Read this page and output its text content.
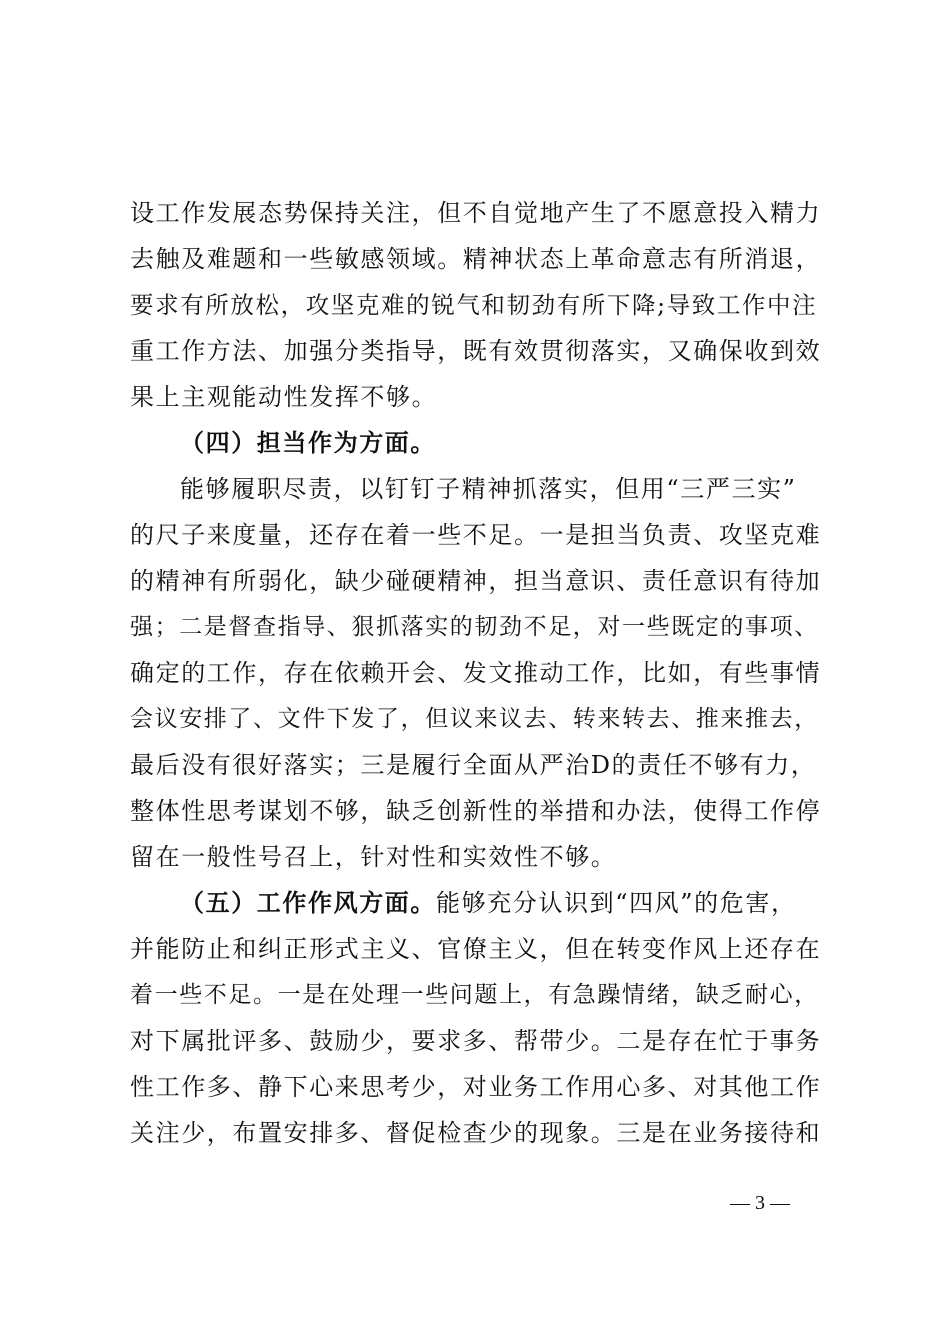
设工作发展态势保持关注，但不自觉地产生了不愿意投入精力
去触及难题和一些敏感领域。精神状态上革命意志有所消退，
要求有所放松，攻坚克难的锐气和韧劲有所下降;导致工作中注
重工作方法、加强分类指导，既有效贯彻落实，又确保收到效
果上主观能动性发挥不够。
（四）担当作为方面。
能够履职尽责，以钉钉子精神抓落实，但用“三严三实”
的尺子来度量，还存在着一些不足。一是担当负责、攻坚克难
的精神有所弱化，缺少碰硬精神，担当意识、责任意识有待加
强；二是督查指导、狠抓落实的韧劲不足，对一些既定的事项、
确定的工作，存在依赖开会、发文推动工作，比如，有些事情
会议安排了、文件下发了，但议来议去、转来转去、推来推去，
最后没有很好落实；三是履行全面从严治D的责任不够有力，
整体性思考谋划不够，缺乏创新性的举措和办法，使得工作停
留在一般性号召上，针对性和实效性不够。
（五）工作作风方面。能够充分认识到“四风”的危害，
并能防止和纠正形式主义、官僚主义，但在转变作风上还存在
着一些不足。一是在处理一些问题上，有急躁情绪，缺乏耐心，
对下属批评多、鼓励少，要求多、帮带少。二是存在忙于事务
性工作多、静下心来思考少，对业务工作用心多、对其他工作
关注少，布置安排多、督促检查少的现象。三是在业务接待和
— 3 —
